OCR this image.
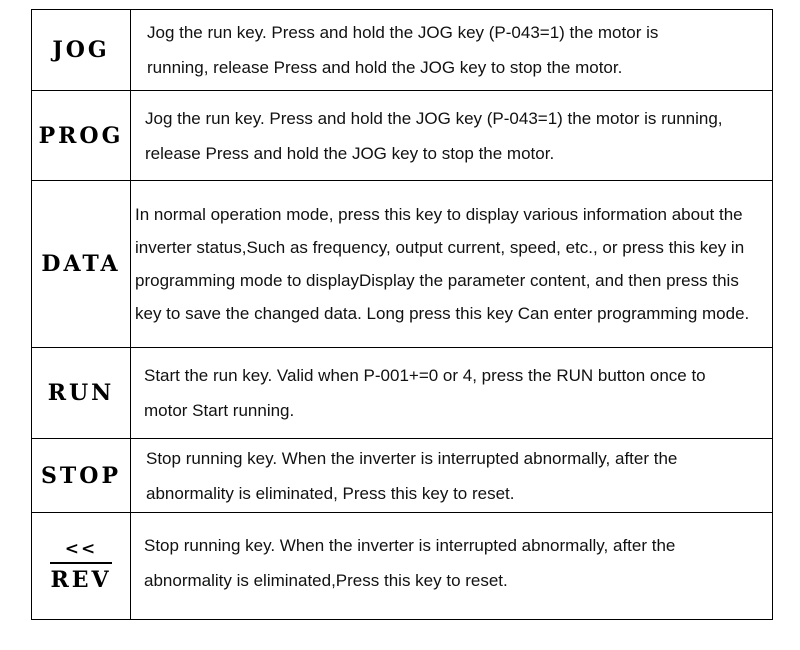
JOG	Jog the run key. Press and hold the JOG key (P-043=1) the motor is running, release Press and hold the JOG key to stop the motor.

PROG	Jog the run key. Press and hold the JOG key (P-043=1) the motor is running, release Press and hold the JOG key to stop the motor.

DATA	In normal operation mode, press this key to display various information about the inverter status,Such as frequency, output current, speed, etc., or press this key in programming mode to displayDisplay the parameter content, and then press this key to save the changed data. Long press this key Can enter programming mode.

RUN	Start the run key. Valid when P-001+=0 or 4, press the RUN button once to motor Start running.

STOP	Stop running key. When the inverter is interrupted abnormally, after the abnormality is eliminated, Press this key to reset.

$\frac{<<}{\text{REV}}$	Stop running key. When the inverter is interrupted abnormally, after the abnormality is eliminated,Press this key to reset.
